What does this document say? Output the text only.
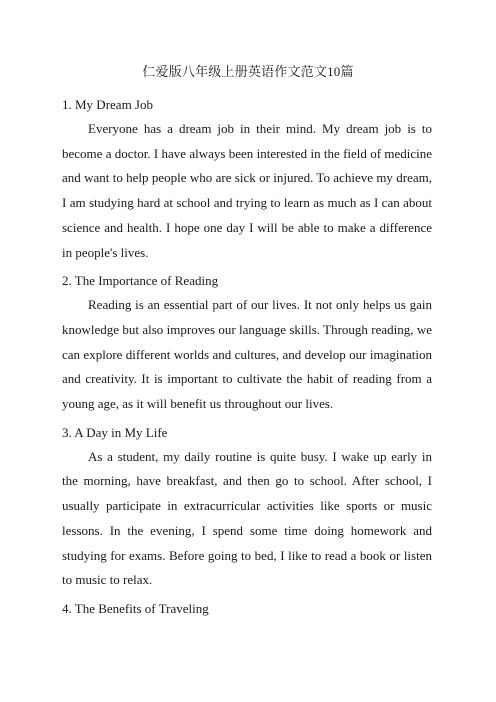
仁爱版八年级上册英语作文范文10篇

1. My Dream Job

Everyone has a dream job in their mind. My dream job is to become a doctor. I have always been interested in the field of medicine and want to help people who are sick or injured. To achieve my dream, I am studying hard at school and trying to learn as much as I can about science and health. I hope one day I will be able to make a difference in people's lives.

2. The Importance of Reading

Reading is an essential part of our lives. It not only helps us gain knowledge but also improves our language skills. Through reading, we can explore different worlds and cultures, and develop our imagination and creativity. It is important to cultivate the habit of reading from a young age, as it will benefit us throughout our lives.

3. A Day in My Life

As a student, my daily routine is quite busy. I wake up early in the morning, have breakfast, and then go to school. After school, I usually participate in extracurricular activities like sports or music lessons. In the evening, I spend some time doing homework and studying for exams. Before going to bed, I like to read a book or listen to music to relax.

4. The Benefits of Traveling
